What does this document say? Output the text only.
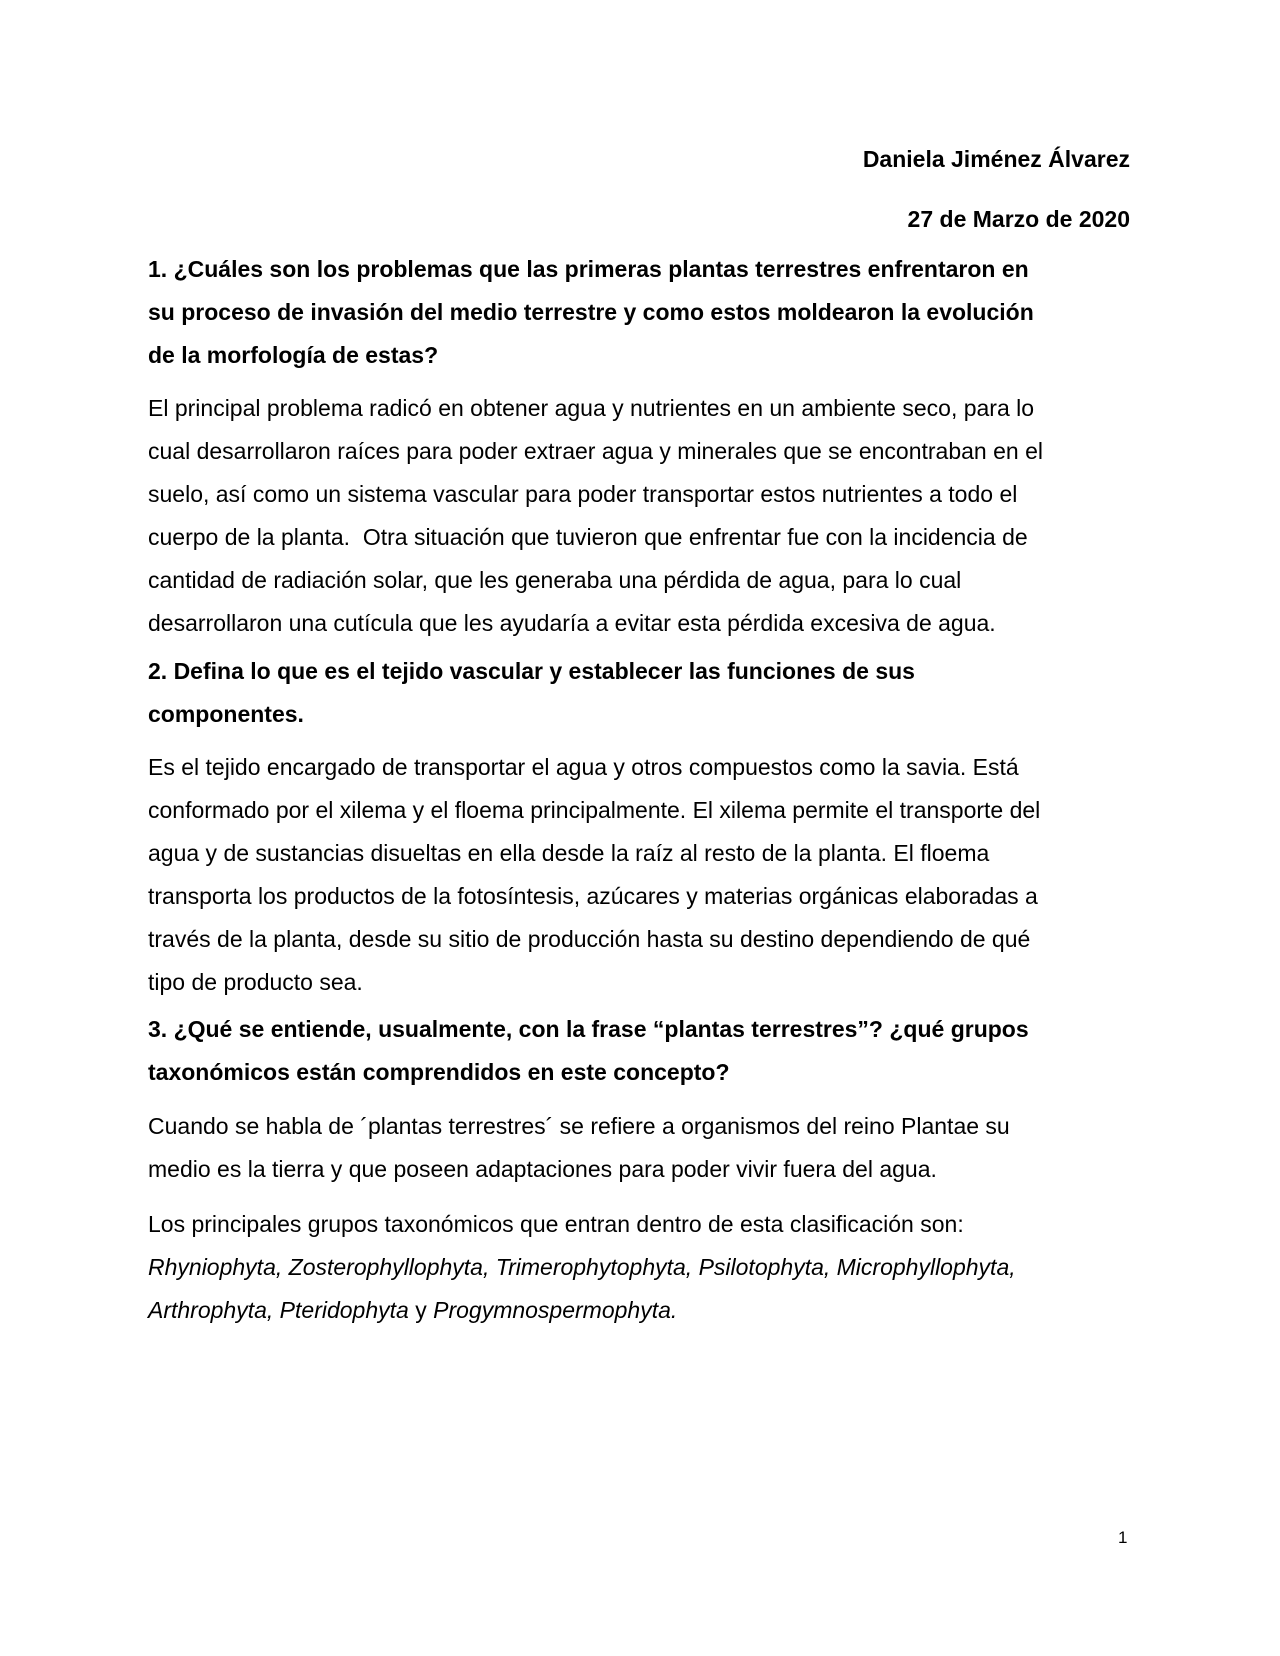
Daniela Jiménez Álvarez
27 de Marzo de 2020
1. ¿Cuáles son los problemas que las primeras plantas terrestres enfrentaron en
su proceso de invasión del medio terrestre y como estos moldearon la evolución
de la morfología de estas?
El principal problema radicó en obtener agua y nutrientes en un ambiente seco, para lo
cual desarrollaron raíces para poder extraer agua y minerales que se encontraban en el
suelo, así como un sistema vascular para poder transportar estos nutrientes a todo el
cuerpo de la planta.  Otra situación que tuvieron que enfrentar fue con la incidencia de
cantidad de radiación solar, que les generaba una pérdida de agua, para lo cual
desarrollaron una cutícula que les ayudaría a evitar esta pérdida excesiva de agua.
2. Defina lo que es el tejido vascular y establecer las funciones de sus
componentes.
Es el tejido encargado de transportar el agua y otros compuestos como la savia. Está
conformado por el xilema y el floema principalmente. El xilema permite el transporte del
agua y de sustancias disueltas en ella desde la raíz al resto de la planta. El floema
transporta los productos de la fotosíntesis, azúcares y materias orgánicas elaboradas a
través de la planta, desde su sitio de producción hasta su destino dependiendo de qué
tipo de producto sea.
3. ¿Qué se entiende, usualmente, con la frase “plantas terrestres”? ¿qué grupos
taxonómicos están comprendidos en este concepto?
Cuando se habla de ´plantas terrestres´ se refiere a organismos del reino Plantae su
medio es la tierra y que poseen adaptaciones para poder vivir fuera del agua.
Los principales grupos taxonómicos que entran dentro de esta clasificación son:
Rhyniophyta, Zosterophyllophyta, Trimerophytophyta, Psilotophyta, Microphyllophyta,
Arthrophyta, Pteridophyta y Progymnospermophyta.
1
